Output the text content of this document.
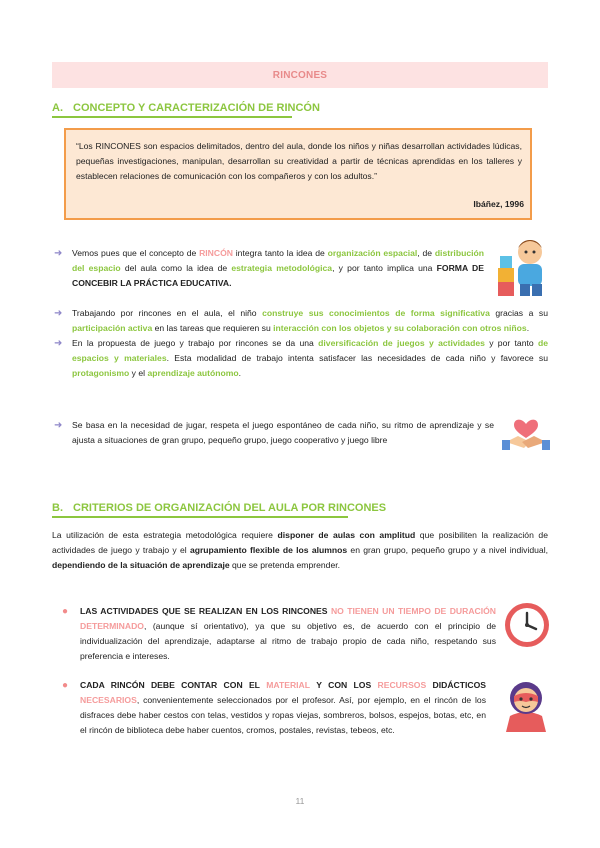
RINCONES
A. CONCEPTO Y CARACTERIZACIÓN DE RINCÓN
“Los RINCONES son espacios delimitados, dentro del aula, donde los niños y niñas desarrollan actividades lúdicas, pequeñas investigaciones, manipulan, desarrollan su creatividad a partir de técnicas aprendidas en los talleres y establecen relaciones de comunicación con los compañeros y con los adultos.”
Ibáñez, 1996
➜ Vemos pues que el concepto de RINCÓN integra tanto la idea de organización espacial, de distribución del espacio del aula como la idea de estrategia metodológica, y por tanto implica una FORMA DE CONCEBIR LA PRÁCTICA EDUCATIVA.
➜ Trabajando por rincones en el aula, el niño construye sus conocimientos de forma significativa gracias a su participación activa en las tareas que requieren su interacción con los objetos y su colaboración con otros niños.
➜ En la propuesta de juego y trabajo por rincones se da una diversificación de juegos y actividades y por tanto de espacios y materiales. Esta modalidad de trabajo intenta satisfacer las necesidades de cada niño y favorece su protagonismo y el aprendizaje autónomo.
➜ Se basa en la necesidad de jugar, respeta el juego espontáneo de cada niño, su ritmo de aprendizaje y se ajusta a situaciones de gran grupo, pequeño grupo, juego cooperativo y juego libre
B. CRITERIOS DE ORGANIZACIÓN DEL AULA POR RINCONES
La utilización de esta estrategia metodológica requiere disponer de aulas con amplitud que posibiliten la realización de actividades de juego y trabajo y el agrupamiento flexible de los alumnos en gran grupo, pequeño grupo y a nivel individual, dependiendo de la situación de aprendizaje que se pretenda emprender.
● LAS ACTIVIDADES QUE SE REALIZAN EN LOS RINCONES NO TIENEN UN TIEMPO DE DURACIÓN DETERMINADO, (aunque sí orientativo), ya que su objetivo es, de acuerdo con el principio de individualización del aprendizaje, adaptarse al ritmo de trabajo propio de cada niño, respetando sus preferencia e intereses.
● CADA RINCÓN DEBE CONTAR CON EL MATERIAL Y CON LOS RECURSOS DIDÁCTICOS NECESARIOS, convenientemente seleccionados por el profesor. Así, por ejemplo, en el rincón de los disfraces debe haber cestos con telas, vestidos y ropas viejas, sombreros, bolsos, espejos, botas, etc, en el rincón de biblioteca debe haber cuentos, cromos, postales, revistas, tebeos, etc.
11
